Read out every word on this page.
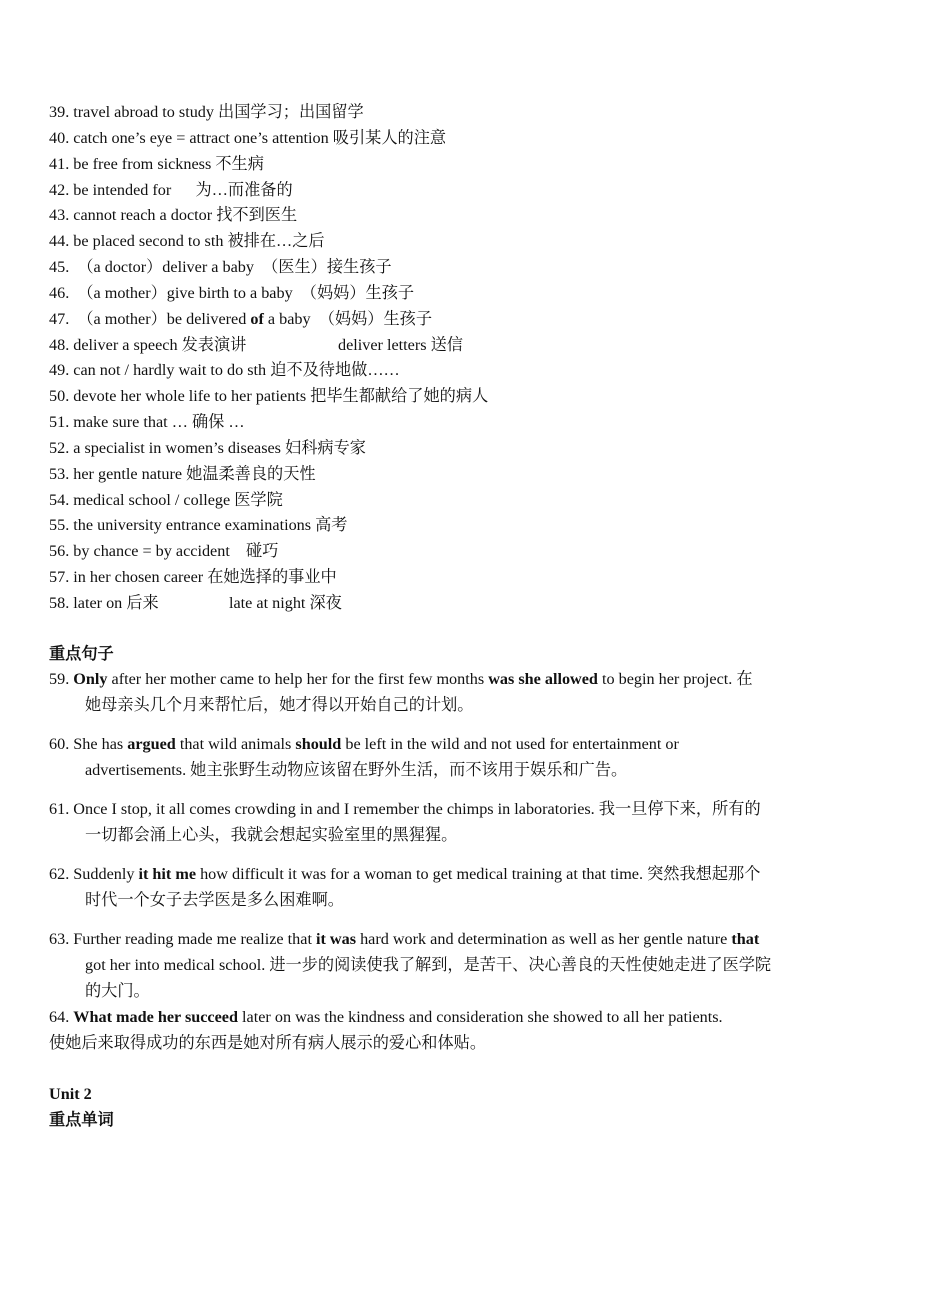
39. travel abroad to study 出国学习；出国留学
40. catch one’s eye = attract one’s attention 吸引某人的注意
41. be free from sickness 不生病
42. be intended for      为…而准备的
43. cannot reach a doctor 找不到医生
44. be placed second to sth 被排在…之后
45.  （a doctor）deliver a baby  （医生）接生孩子
46.  （a mother）give birth to a baby  （妈妈）生孩子
47.  （a mother）be delivered of a baby  （妈妈）生孩子
48. deliver a speech 发表演讲	deliver letters 送信
49. can not / hardly wait to do sth 迫不及待地做……
50. devote her whole life to her patients 把毕生都献给了她的病人
51. make sure that … 确保 …
52. a specialist in women’s diseases 妇科病专家
53. her gentle nature 她温柔善良的天性
54. medical school / college 医学院
55. the university entrance examinations 高考
56. by chance = by accident    碰巧
57. in her chosen career 在她选择的事业中
58. later on 后来	late at night 深夜
重点句子
59. Only after her mother came to help her for the first few months was she allowed to begin her project. 在
她母亲头几个月来帮忙后，她才得以开始自己的计划。
60. She has argued that wild animals should be left in the wild and not used for entertainment or
advertisements. 她主张野生动物应该留在野外生活，而不该用于娱乐和广告。
61. Once I stop, it all comes crowding in and I remember the chimps in laboratories. 我一旦停下来，所有的
一切都会涌上心头，我就会想起实验室里的黑猩猩。
62. Suddenly it hit me how difficult it was for a woman to get medical training at that time. 突然我想起那个
时代一个女子去学医是多么困难啊。
63. Further reading made me realize that it was hard work and determination as well as her gentle nature that
got her into medical school. 进一步的阅读使我了解到，是苦干、决心善良的天性使她走进了医学院
的大门。
64. What made her succeed later on was the kindness and consideration she showed to all her patients.
使她后来取得成功的东西是她对所有病人展示的爱心和体贴。
Unit 2
重点单词
